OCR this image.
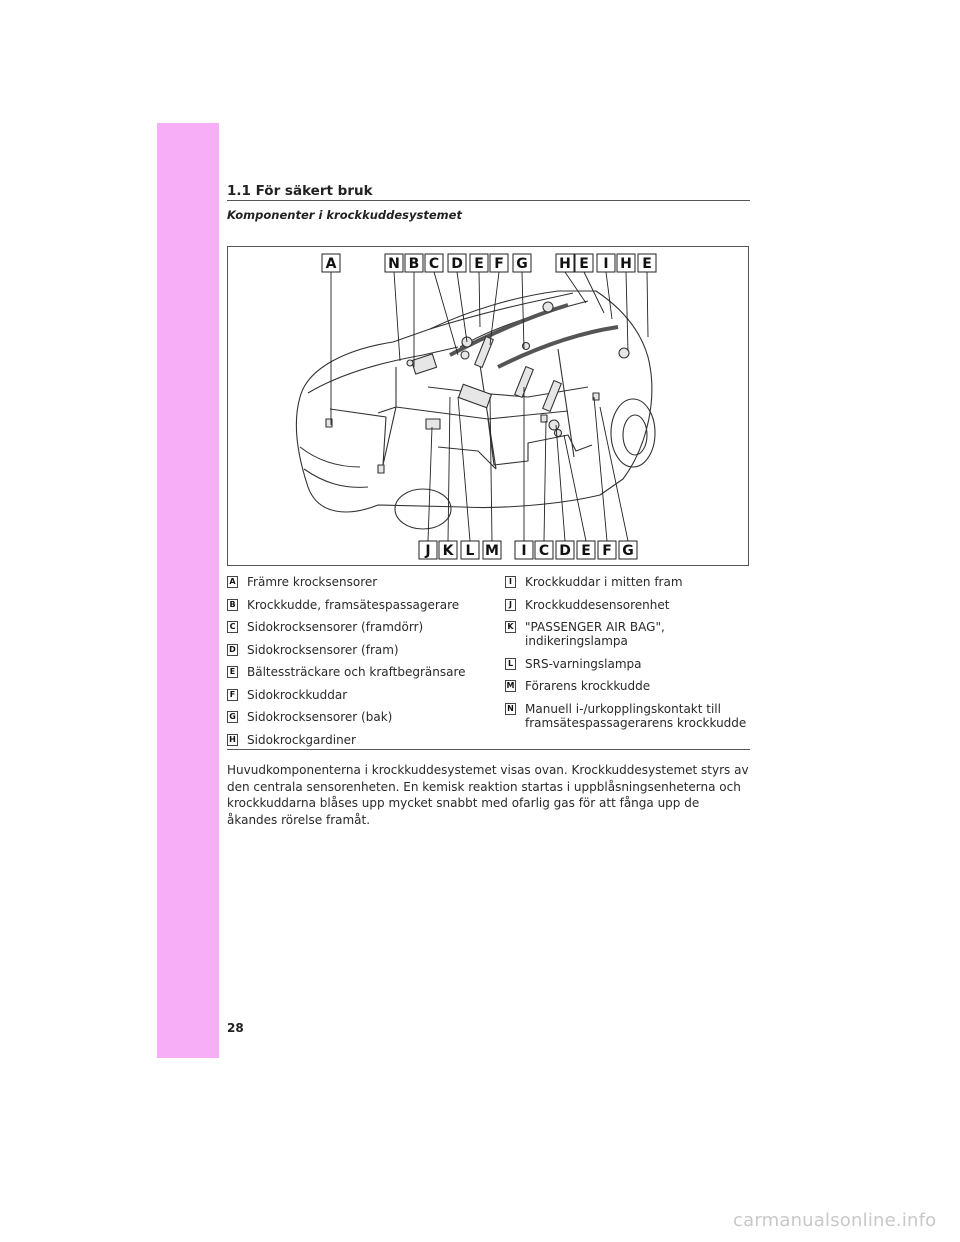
1.1 För säkert bruk
Komponenter i krockkuddesystemet
A	N B C D E F G H E I H E
J K L M I C D E F G
A Främre krocksensorer
B Krockkudde, framsätespassagerare
C Sidokrocksensorer (framdörr)
D Sidokrocksensorer (fram)
E Bältessträckare och kraftbegränsare
F Sidokrockkuddar
G Sidokrocksensorer (bak)
H Sidokrockgardiner
I	Krockkuddar i mitten fram
J	Krockkuddesensorenhet
K "PASSENGER AIR BAG", indikeringslampa
L SRS-varningslampa
M Förarens krockkudde
N Manuell i-/urkopplingskontakt till framsätespassagerarens krockkudde
Huvudkomponenterna i krockkuddesystemet visas ovan. Krockkuddesystemet styrs av den centrala sensorenheten. En kemisk reaktion startas i uppblåsningsenheterna och krockkuddarna blåses upp mycket snabbt med ofarlig gas för att fånga upp de åkandes rörelse framåt.
28
carmanualsonline.info
